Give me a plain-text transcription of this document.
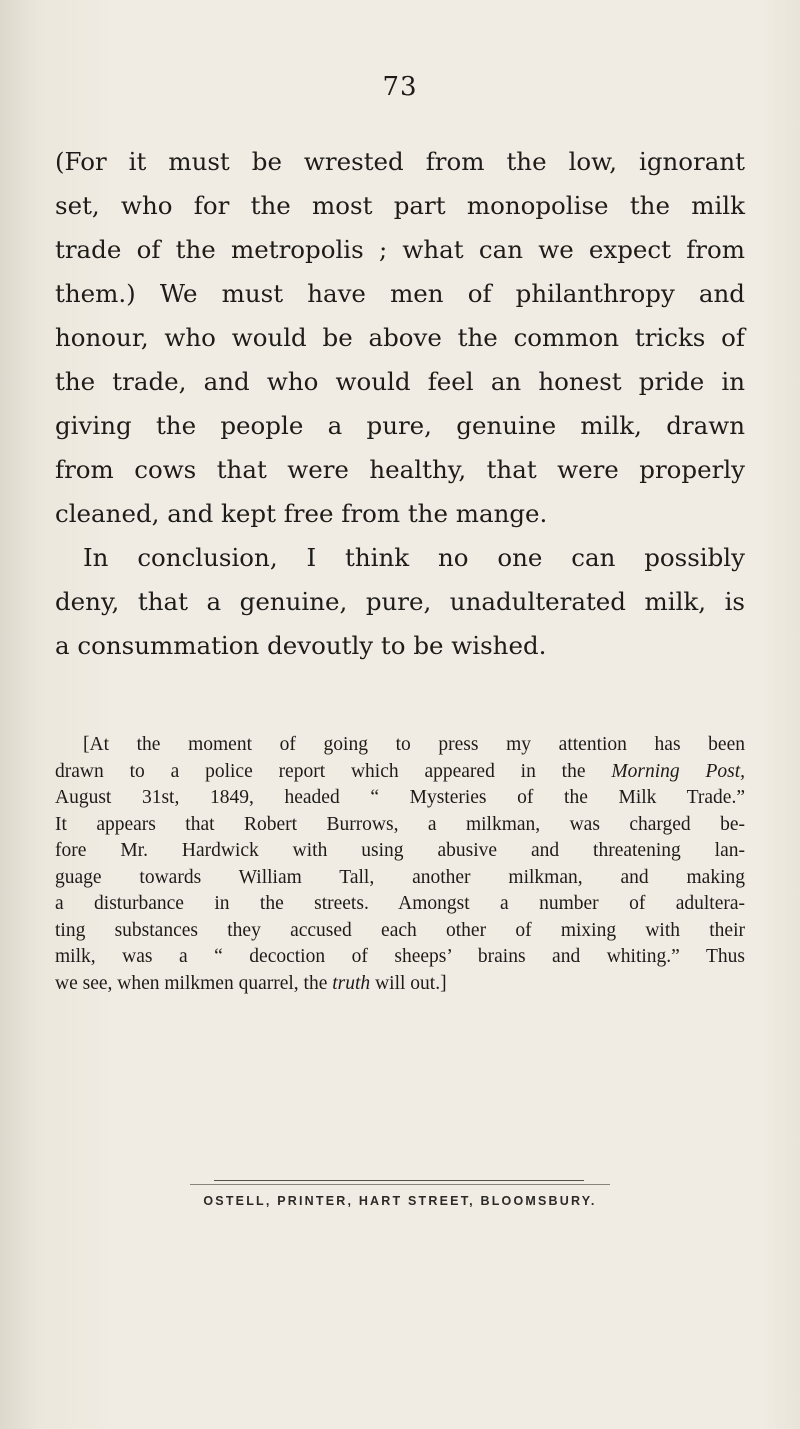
73
(For it must be wrested from the low, ignorant
set, who for the most part monopolise the milk
trade of the metropolis ; what can we expect from
them.) We must have men of philanthropy and
honour, who would be above the common tricks of
the trade, and who would feel an honest pride in
giving the people a pure, genuine milk, drawn
from cows that were healthy, that were properly
cleaned, and kept free from the mange.
In conclusion, I think no one can possibly
deny, that a genuine, pure, unadulterated milk, is
a consummation devoutly to be wished.
[At the moment of going to press my attention has been
drawn to a police report which appeared in the Morning Post,
August 31st, 1849, headed “ Mysteries of the Milk Trade.”
It appears that Robert Burrows, a milkman, was charged be-
fore Mr. Hardwick with using abusive and threatening lan-
guage towards William Tall, another milkman, and making
a disturbance in the streets. Amongst a number of adultera-
ting substances they accused each other of mixing with their
milk, was a “ decoction of sheeps’ brains and whiting.” Thus
we see, when milkmen quarrel, the truth will out.]
OSTELL, PRINTER, HART STREET, BLOOMSBURY.
